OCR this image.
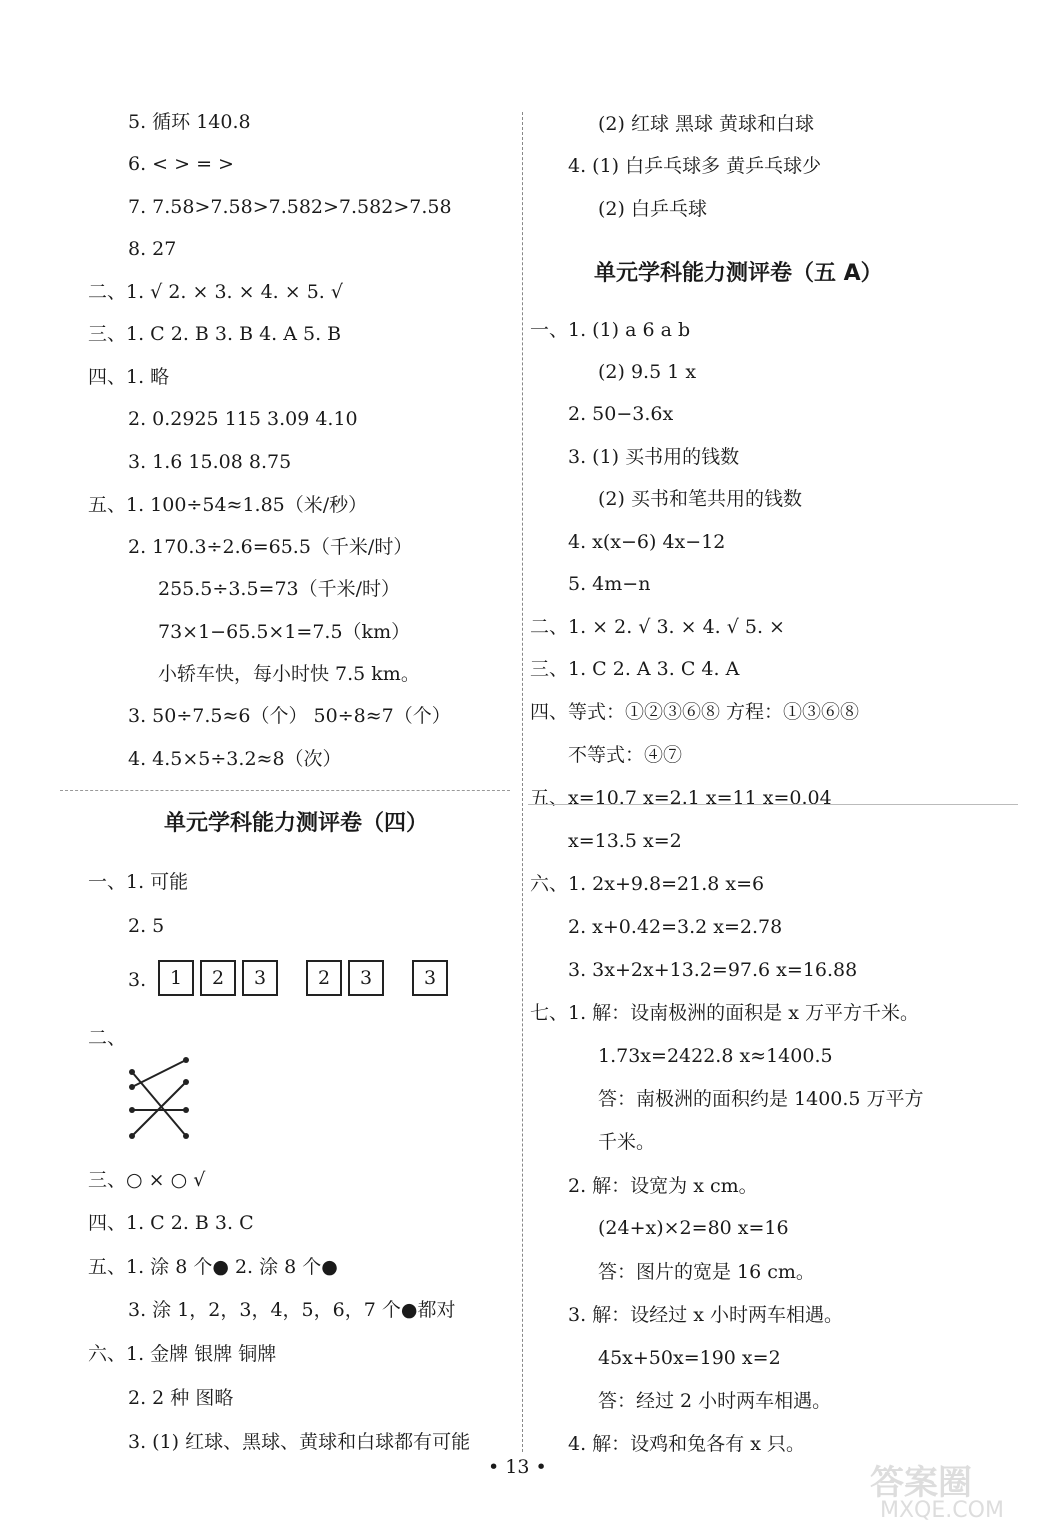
5. 循环 140.8
6. < > = >
7. 7.58>7.58>7.582>7.582>7.58
8. 27
二、1. √ 2. × 3. × 4. × 5. √
三、1. C 2. B 3. B 4. A 5. B
四、1. 略
2. 0.2925 115 3.09 4.10
3. 1.6 15.08 8.75
五、1. 100÷54≈1.85（米/秒）
2. 170.3÷2.6=65.5（千米/时）
255.5÷3.5=73（千米/时）
73×1−65.5×1=7.5（km）
小轿车快，每小时快 7.5 km。
3. 50÷7.5≈6（个） 50÷8≈7（个）
4. 4.5×5÷3.2≈8（次）
单元学科能力测评卷（四）
一、1. 可能
2. 5
3.	1 2 3	2 3	3
二、
三、○ × ○ √
四、1. C 2. B 3. C
五、1. 涂 8 个● 2. 涂 8 个●
3. 涂 1，2，3，4，5，6，7 个●都对
六、1. 金牌 银牌 铜牌
2. 2 种 图略
3. (1) 红球、黑球、黄球和白球都有可能
(2) 红球 黑球 黄球和白球
4. (1) 白乒乓球多 黄乒乓球少
(2) 白乒乓球
单元学科能力测评卷（五 A）
一、1. (1) a 6 a b
(2) 9.5 1 x
2. 50−3.6x
3. (1) 买书用的钱数
(2) 买书和笔共用的钱数
4. x(x−6) 4x−12
5. 4m−n
二、1. × 2. √ 3. × 4. √ 5. ×
三、1. C 2. A 3. C 4. A
四、等式：①②③⑥⑧ 方程：①③⑥⑧
不等式：④⑦
五、x=10.7 x=2.1 x=11 x=0.04
x=13.5 x=2
六、1. 2x+9.8=21.8 x=6
2. x+0.42=3.2 x=2.78
3. 3x+2x+13.2=97.6 x=16.88
七、1. 解：设南极洲的面积是 x 万平方千米。
1.73x=2422.8 x≈1400.5
答：南极洲的面积约是 1400.5 万平方
千米。
2. 解：设宽为 x cm。
(24+x)×2=80 x=16
答：图片的宽是 16 cm。
3. 解：设经过 x 小时两车相遇。
45x+50x=190 x=2
答：经过 2 小时两车相遇。
4. 解：设鸡和兔各有 x 只。
• 13 •	答案圈
MXQE.COM
